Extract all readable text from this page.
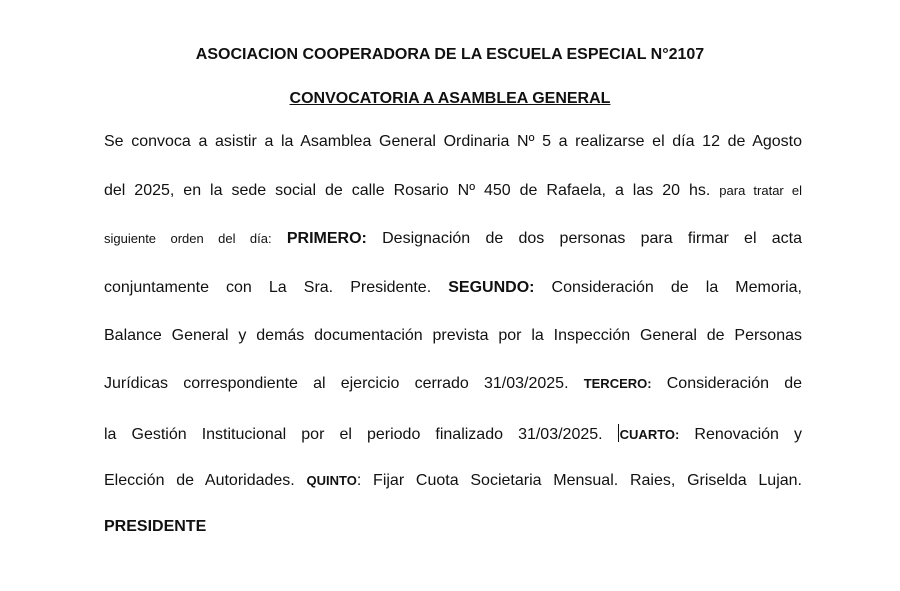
ASOCIACION COOPERADORA DE LA ESCUELA ESPECIAL N°2107

CONVOCATORIA A ASAMBLEA GENERAL

Se convoca a asistir a la Asamblea General Ordinaria Nº 5 a realizarse el día 12 de Agosto

del 2025, en la sede social de calle Rosario Nº 450 de Rafaela, a las 20 hs. para tratar el

siguiente orden del día: PRIMERO: Designación de dos personas para firmar el acta

conjuntamente con La Sra. Presidente. SEGUNDO: Consideración de la Memoria,

Balance General y demás documentación prevista por la Inspección General de Personas

Jurídicas correspondiente al ejercicio cerrado 31/03/2025. TERCERO: Consideración de

la Gestión Institucional por el periodo finalizado 31/03/2025. CUARTO: Renovación y

Elección de Autoridades. QUINTO: Fijar Cuota Societaria Mensual. Raies, Griselda Lujan.

PRESIDENTE
